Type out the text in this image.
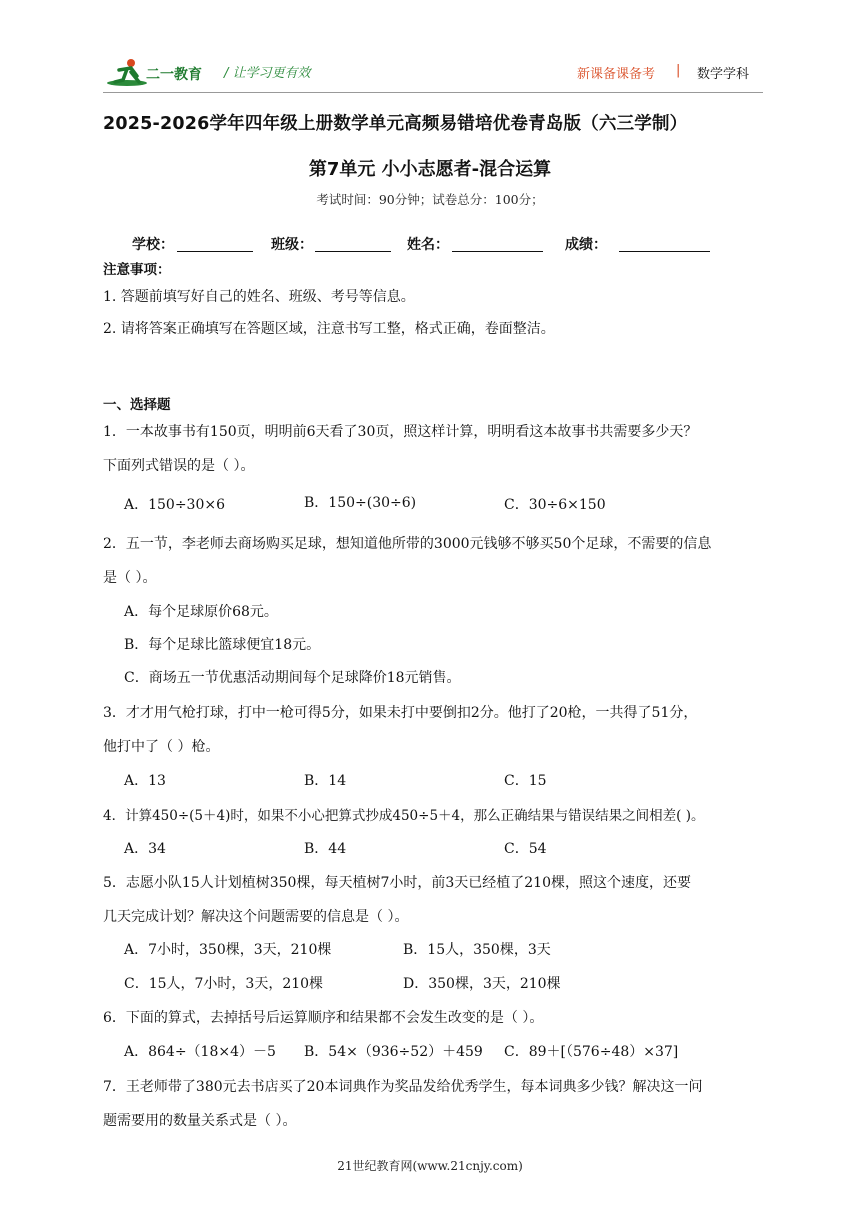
二一教育 / 让学习更有效	新课备课备考 | 数学学科
2025-2026学年四年级上册数学单元高频易错培优卷青岛版（六三学制）
第7单元 小小志愿者-混合运算
考试时间：90分钟；试卷总分：100分；
学校：	班级：	姓名：	成绩：
注意事项：
1. 答题前填写好自己的姓名、班级、考号等信息。
2. 请将答案正确填写在答题区域，注意书写工整，格式正确，卷面整洁。
一、选择题
1．一本故事书有150页，明明前6天看了30页，照这样计算，明明看这本故事书共需要多少天？
下面列式错误的是（ ）。
A．150÷30×6	B．150÷(30÷6)	C．30÷6×150
2．五一节，李老师去商场购买足球，想知道他所带的3000元钱够不够买50个足球，不需要的信息
是（ ）。
A．每个足球原价68元。
B．每个足球比篮球便宜18元。
C．商场五一节优惠活动期间每个足球降价18元销售。
3．才才用气枪打球，打中一枪可得5分，如果未打中要倒扣2分。他打了20枪，一共得了51分，
他打中了（ ）枪。
A．13	B．14	C．15
4．计算450÷(5＋4)时，如果不小心把算式抄成450÷5＋4，那么正确结果与错误结果之间相差( )。
A．34	B．44	C．54
5．志愿小队15人计划植树350棵，每天植树7小时，前3天已经植了210棵，照这个速度，还要
几天完成计划？解决这个问题需要的信息是（ ）。
A．7小时，350棵，3天，210棵	B．15人，350棵，3天
C．15人，7小时，3天，210棵	D．350棵，3天，210棵
6．下面的算式，去掉括号后运算顺序和结果都不会发生改变的是（ ）。
A．864÷（18×4）－5 B．54×（936÷52）＋459 C．89＋[（576÷48）×37]
7．王老师带了380元去书店买了20本词典作为奖品发给优秀学生，每本词典多少钱？解决这一问
题需要用的数量关系式是（ ）。
21世纪教育网(www.21cnjy.com)
